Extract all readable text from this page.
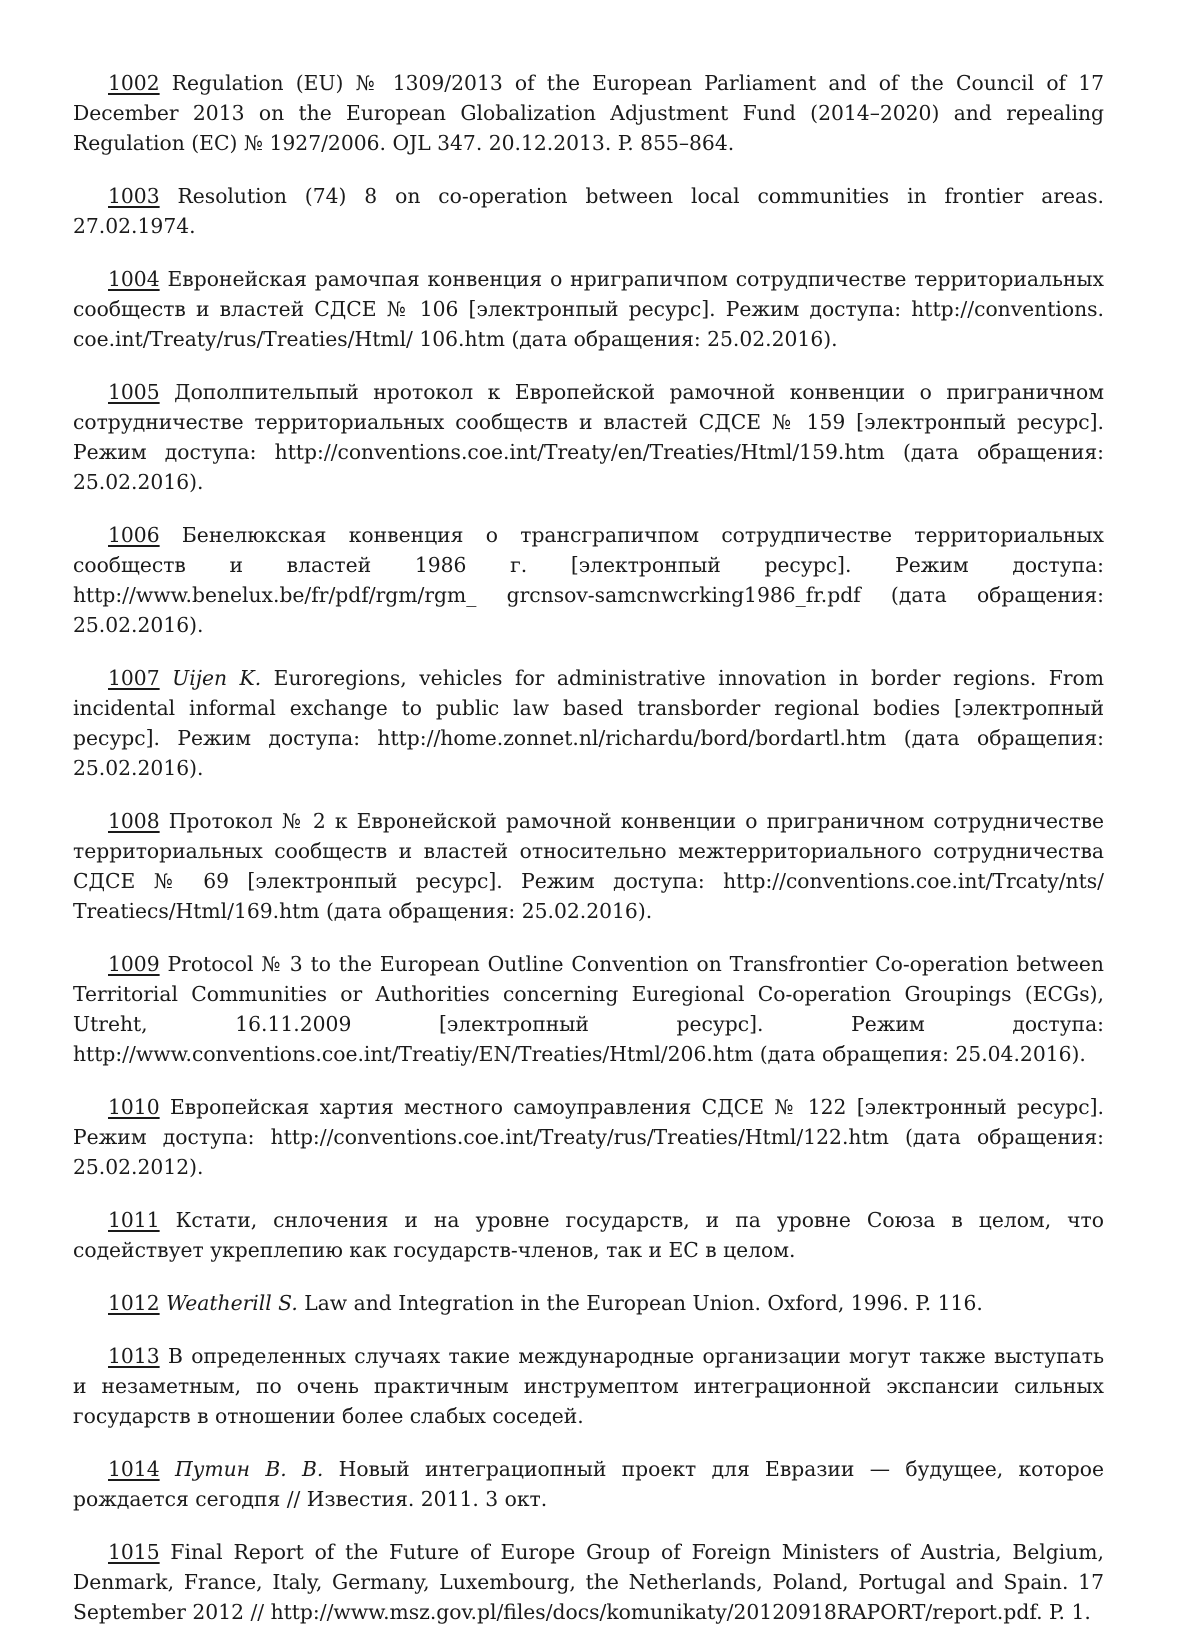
1002 Regulation (EU) № 1309/2013 of the European Parliament and of the Council of 17 December 2013 on the European Globalization Adjustment Fund (2014–2020) and repealing Regulation (EC) № 1927/2006. OJL 347. 20.12.2013. P. 855–864.

1003 Resolution (74) 8 on co-operation between local communities in frontier areas. 27.02.1974.

1004 Евронейская рамочпая конвенция о нригрaпичпом сотрудпичестве территориальных сообществ и властей СДСЕ № 106 [электронпый ресурс]. Режим доступа: http://conventions. coe.int/Treaty/rus/Treaties/Html/ 106.htm (дата обращения: 25.02.2016).

1005 Дополпительпый нротокол к Европейской рамочной конвенции о приграничном сотрудничестве территориальных сообществ и властей СДСЕ № 159 [электронпый ресурс]. Режим доступа: http://conventions.coe.int/Treaty/en/Treaties/Html/159.htm (дата обращения: 25.02.2016).

1006 Бенелюкская конвенция о трансграпичпом сотрудпичестве территориальных сообществ и властей 1986 г. [электронпый ресурс]. Режим доступа: http://www.benelux.be/fr/pdf/rgm/rgm_ grcnsov-samcnwcrking1986_fr.pdf (дата обращения: 25.02.2016).

1007 Uijen K. Euroregions, vehicles for administrative innovation in border regions. From incidental informal exchange to public law based transborder regional bodies [электропный ресурс]. Режим доступа: http://home.zonnet.nl/richardu/bord/bordartl.htm (дата обращепия: 25.02.2016).

1008 Протокол № 2 к Евронейской рамочной конвенции о приграничном сотрудничестве территориальных сообществ и властей относительно межтерриториального сотрудничества СДСЕ № 69 [электронпый ресурс]. Режим доступа: http://conventions.coe.int/Trcaty/nts/ Treatiecs/Html/169.htm (дата обращения: 25.02.2016).

1009 Protocol № 3 to the European Outline Convention on Transfrontier Co-operation between Territorial Communities or Authorities concerning Euregional Co-operation Groupings (ECGs), Utreht, 16.11.2009 [электропный ресурс]. Режим доступа: http://www.conventions.coe.int/Treatiy/EN/Treaties/Html/206.htm (дата обращепия: 25.04.2016).

1010 Европейская хартия местного самоуправления СДСЕ № 122 [электронный ресурс]. Режим доступа: http://conventions.coe.int/Treaty/rus/Treaties/Html/122.htm (дата обращения: 25.02.2012).

1011 Кстати, снлочения и на уровне государств, и па уровне Союза в целом, что содействует укреплепию как государств-членов, так и ЕС в целом.

1012 Weatherill S. Law and Integration in the European Union. Oxford, 1996. P. 116.

1013 В определенных случаях такие международные организации могут также выступать и незаметным, по очень практичным инструмептом интеграционной экспансии сильных государств в отношении более слабых соседей.

1014 Путин В. В. Новый интеграциопный проект для Евразии — будущее, которое рождается сегодпя // Известия. 2011. 3 окт.

1015 Final Report of the Future of Europe Group of Foreign Ministers of Austria, Belgium, Denmark, France, Italy, Germany, Luxembourg, the Netherlands, Poland, Portugal and Spain. 17 September 2012 // http://www.msz.gov.pl/files/docs/komunikaty/20120918RAPORT/report.pdf. P. 1.
